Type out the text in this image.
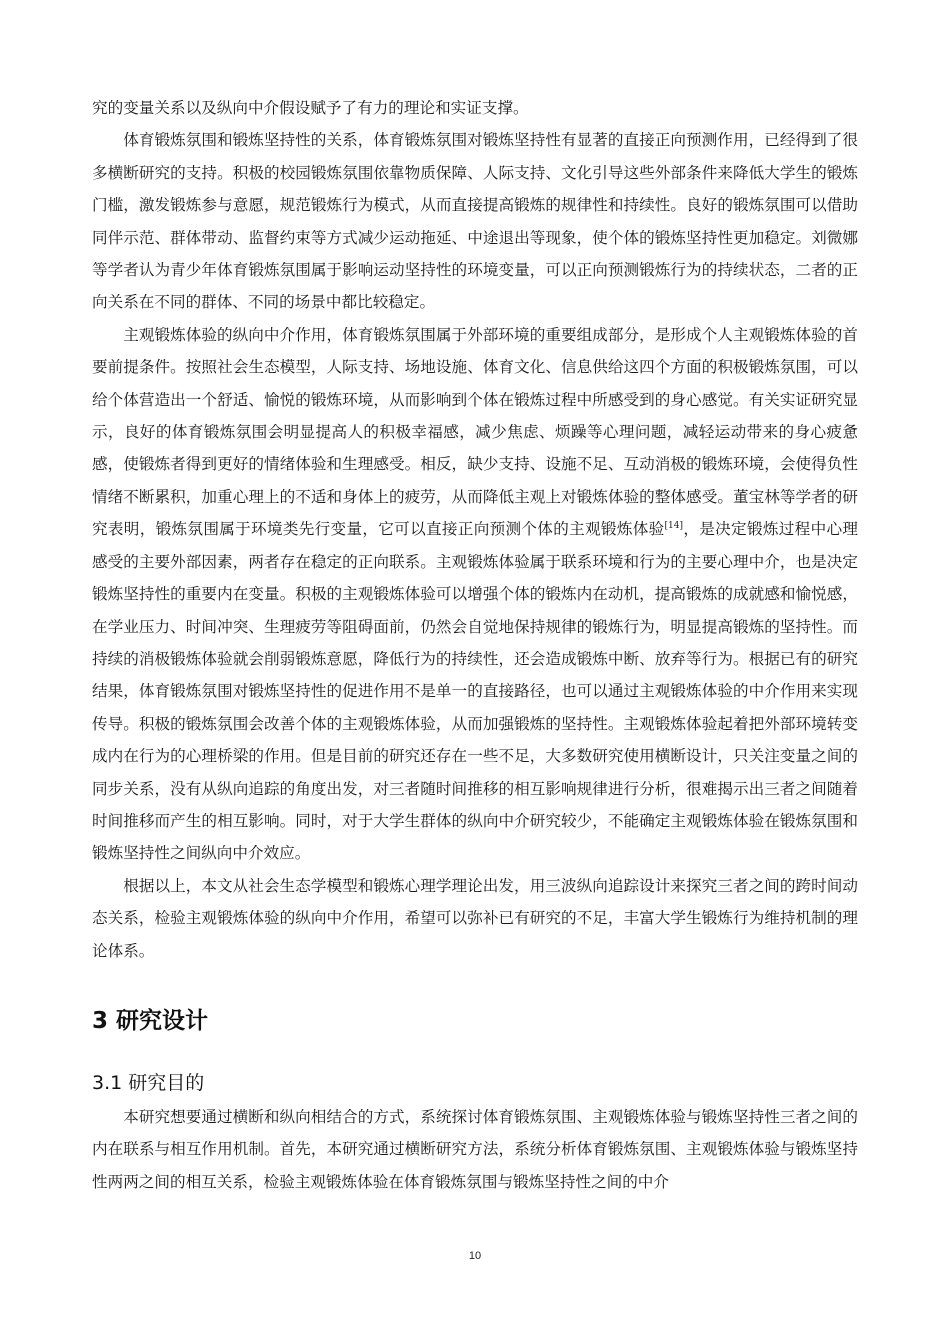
究的变量关系以及纵向中介假设赋予了有力的理论和实证支撑。

体育锻炼氛围和锻炼坚持性的关系，体育锻炼氛围对锻炼坚持性有显著的直接正向预测作用，已经得到了很多横断研究的支持。积极的校园锻炼氛围依靠物质保障、人际支持、文化引导这些外部条件来降低大学生的锻炼门槛，激发锻炼参与意愿，规范锻炼行为模式，从而直接提高锻炼的规律性和持续性。良好的锻炼氛围可以借助同伴示范、群体带动、监督约束等方式减少运动拖延、中途退出等现象，使个体的锻炼坚持性更加稳定。刘微娜等学者认为青少年体育锻炼氛围属于影响运动坚持性的环境变量，可以正向预测锻炼行为的持续状态，二者的正向关系在不同的群体、不同的场景中都比较稳定。

主观锻炼体验的纵向中介作用，体育锻炼氛围属于外部环境的重要组成部分，是形成个人主观锻炼体验的首要前提条件。按照社会生态模型，人际支持、场地设施、体育文化、信息供给这四个方面的积极锻炼氛围，可以给个体营造出一个舒适、愉悦的锻炼环境，从而影响到个体在锻炼过程中所感受到的身心感觉。有关实证研究显示，良好的体育锻炼氛围会明显提高人的积极幸福感，减少焦虑、烦躁等心理问题，减轻运动带来的身心疲惫感，使锻炼者得到更好的情绪体验和生理感受。相反，缺少支持、设施不足、互动消极的锻炼环境，会使得负性情绪不断累积，加重心理上的不适和身体上的疲劳，从而降低主观上对锻炼体验的整体感受。董宝林等学者的研究表明，锻炼氛围属于环境类先行变量，它可以直接正向预测个体的主观锻炼体验[14]，是决定锻炼过程中心理感受的主要外部因素，两者存在稳定的正向联系。主观锻炼体验属于联系环境和行为的主要心理中介，也是决定锻炼坚持性的重要内在变量。积极的主观锻炼体验可以增强个体的锻炼内在动机，提高锻炼的成就感和愉悦感，在学业压力、时间冲突、生理疲劳等阻碍面前，仍然会自觉地保持规律的锻炼行为，明显提高锻炼的坚持性。而持续的消极锻炼体验就会削弱锻炼意愿，降低行为的持续性，还会造成锻炼中断、放弃等行为。根据已有的研究结果，体育锻炼氛围对锻炼坚持性的促进作用不是单一的直接路径，也可以通过主观锻炼体验的中介作用来实现传导。积极的锻炼氛围会改善个体的主观锻炼体验，从而加强锻炼的坚持性。主观锻炼体验起着把外部环境转变成内在行为的心理桥梁的作用。但是目前的研究还存在一些不足，大多数研究使用横断设计，只关注变量之间的同步关系，没有从纵向追踪的角度出发，对三者随时间推移的相互影响规律进行分析，很难揭示出三者之间随着时间推移而产生的相互影响。同时，对于大学生群体的纵向中介研究较少，不能确定主观锻炼体验在锻炼氛围和锻炼坚持性之间纵向中介效应。

根据以上，本文从社会生态学模型和锻炼心理学理论出发，用三波纵向追踪设计来探究三者之间的跨时间动态关系，检验主观锻炼体验的纵向中介作用，希望可以弥补已有研究的不足，丰富大学生锻炼行为维持机制的理论体系。

3 研究设计
3.1 研究目的

本研究想要通过横断和纵向相结合的方式，系统探讨体育锻炼氛围、主观锻炼体验与锻炼坚持性三者之间的内在联系与相互作用机制。首先，本研究通过横断研究方法，系统分析体育锻炼氛围、主观锻炼体验与锻炼坚持性两两之间的相互关系，检验主观锻炼体验在体育锻炼氛围与锻炼坚持性之间的中介

10
